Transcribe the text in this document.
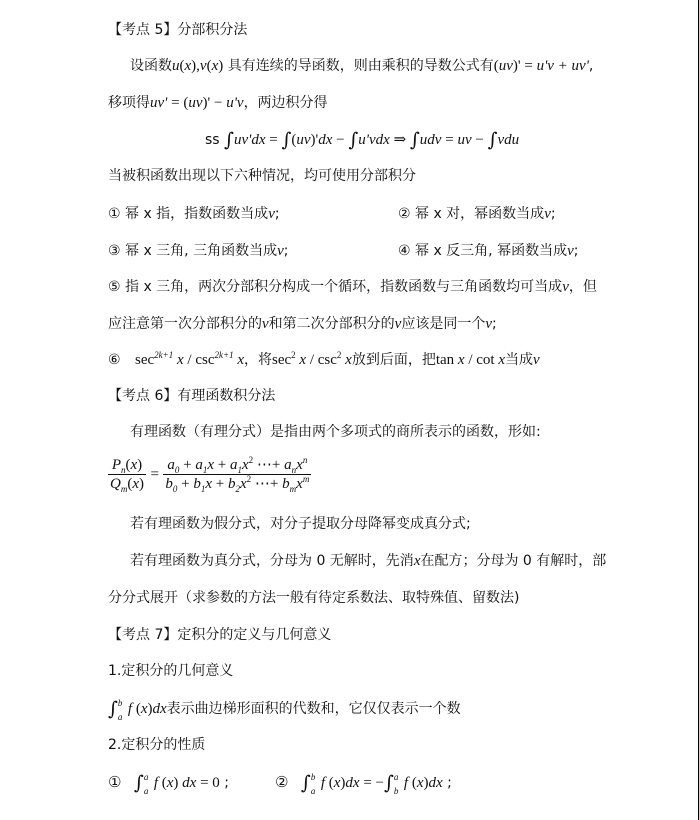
【考点 5】分部积分法
设函数u(x),v(x) 具有连续的导函数，则由乘积的导数公式有(uv)' = u'v + uv',
移项得uv' = (uv)' − u'v，两边积分得
ss ∫uv'dx = ∫(uv)'dx − ∫u'vdx ⇒ ∫udv = uv − ∫vdu
当被积函数出现以下六种情况，均可使用分部积分
① 幂 x 指，指数函数当成v;	② 幂 x 对，幂函数当成v;
③ 幂 x 三角, 三角函数当成v;	④ 幂 x 反三角, 幂函数当成v;
⑤ 指 x 三角，两次分部积分构成一个循环，指数函数与三角函数均可当成v，但
应注意第一次分部积分的v和第二次分部积分的v应该是同一个v;
⑥ $\sec^{2k+1} x / \csc^{2k+1} x$，将$\sec^2 x / \csc^2 x$放到后面，把tan x / cot x当成v
【考点 6】有理函数积分法
有理函数（有理分式）是指由两个多项式的商所表示的函数，形如:
$\frac{P_n(x)}{Q_m(x)} = \frac{a_0 + a_1x + a_1x^2 \cdots+ a_nx^n}{b_0 + b_1x + b_2x^2 \cdots+ b_mx^m}$
若有理函数为假分式，对分子提取分母降幂变成真分式;
若有理函数为真分式，分母为 0 无解时，先消x在配方；分母为 0 有解时，部
分分式展开（求参数的方法一般有待定系数法、取特殊值、留数法)
【考点 7】定积分的定义与几何意义
1.定积分的几何意义
∫ b
a f (x)dx表示曲边梯形面积的代数和，它仅仅表示一个数
2.定积分的性质
① ∫ a
a f (x) dx = 0 ;	② ∫ b
a f (x)dx = −∫ a
b f (x)dx ;
